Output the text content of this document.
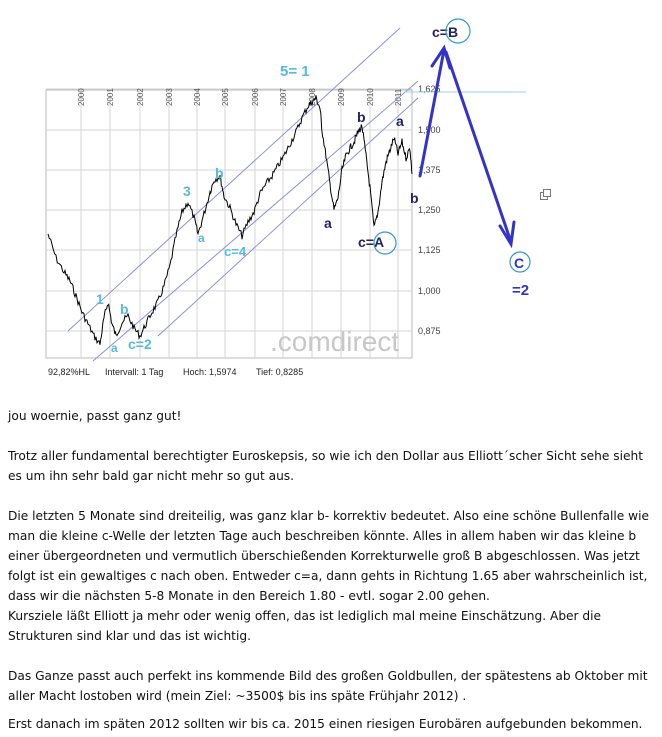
2000	2001	2002	2003 2004 2005	2006 2007	2008	2009	2010 2011 1,625
1,500
1,375
1,250
1,125
1,000
0,875
.comdirect
1
a
b
c=2
3
a
b
c=4
5= 1
a
b
c=A
a
b
c=B
C
=2
92,82%HL Intervall: 1 Tag Hoch: 1,5974 Tief: 0,8285

jou woernie, passt ganz gut!

Trotz aller fundamental berechtigter Euroskepsis, so wie ich den Dollar aus Elliott´scher Sicht sehe sieht es um ihn sehr bald gar nicht mehr so gut aus.

Die letzten 5 Monate sind dreiteilig, was ganz klar b- korrektiv bedeutet. Also eine schöne Bullenfalle wie man die kleine c-Welle der letzten Tage auch beschreiben könnte. Alles in allem haben wir das kleine b einer übergeordneten und vermutlich überschießenden Korrekturwelle groß B abgeschlossen. Was jetzt folgt ist ein gewaltiges c nach oben. Entweder c=a, dann gehts in Richtung 1.65 aber wahrscheinlich ist, dass wir die nächsten 5-8 Monate in den Bereich 1.80 - evtl. sogar 2.00 gehen.

Kursziele läßt Elliott ja mehr oder wenig offen, das ist lediglich mal meine Einschätzung. Aber die Strukturen sind klar und das ist wichtig.

Das Ganze passt auch perfekt ins kommende Bild des großen Goldbullen, der spätestens ab Oktober mit aller Macht lostoben wird (mein Ziel: ~3500$ bis ins späte Frühjahr 2012) .

Erst danach im späten 2012 sollten wir bis ca. 2015 einen riesigen Eurobären aufgebunden bekommen.
